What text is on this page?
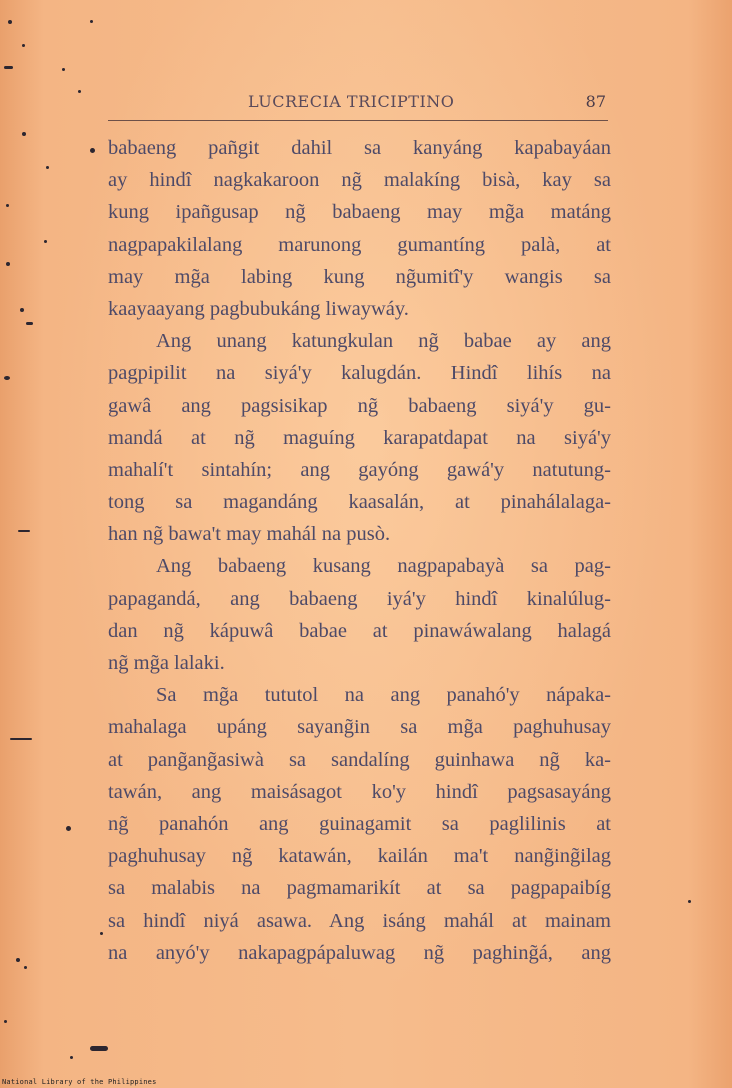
LUCRECIA TRICIPTINO	87
babaeng pañgit dahil sa kanyáng kapabayáan
ay hindî nagkakaroon ng̃ malakíng bisà, kay sa
kung ipañgusap ng̃ babaeng may mg̃a matáng
nagpapakilalang marunong gumantíng palà, at
may mg̃a labing kung ng̃umitî'y wangis sa
kaayaayang pagbubukáng liwaywáy.
Ang unang katungkulan ng̃ babae ay ang
pagpipilit na siyá'y kalugdán. Hindî lihís na
gawâ ang pagsisikap ng̃ babaeng siyá'y gu-
mandá at ng̃ maguíng karapatdapat na siyá'y
mahalí't sintahín; ang gayóng gawá'y natutung-
tong sa magandáng kaasalán, at pinahálalaga-
han ng̃ bawa't may mahál na pusò.
Ang babaeng kusang nagpapabayà sa pag-
papagandá, ang babaeng iyá'y hindî kinalúlug-
dan ng̃ kápuwâ babae at pinawáwalang halagá
ng̃ mg̃a lalaki.
Sa mg̃a tututol na ang panahó'y nápaka-
mahalaga upáng sayang̃in sa mg̃a paghuhusay
at pang̃ang̃asiwà sa sandalíng guinhawa ng̃ ka-
tawán, ang maisásagot ko'y hindî pagsasayáng
ng̃ panahón ang guinagamit sa paglilinis at
paghuhusay ng̃ katawán, kailán ma't nang̃ing̃ilag
sa malabis na pagmamarikít at sa pagpapaibíg
sa hindî niyá asawa. Ang isáng mahál at mainam
na anyó'y nakapagpápaluwag ng̃ paghing̃á, ang
National Library of the Philippines
